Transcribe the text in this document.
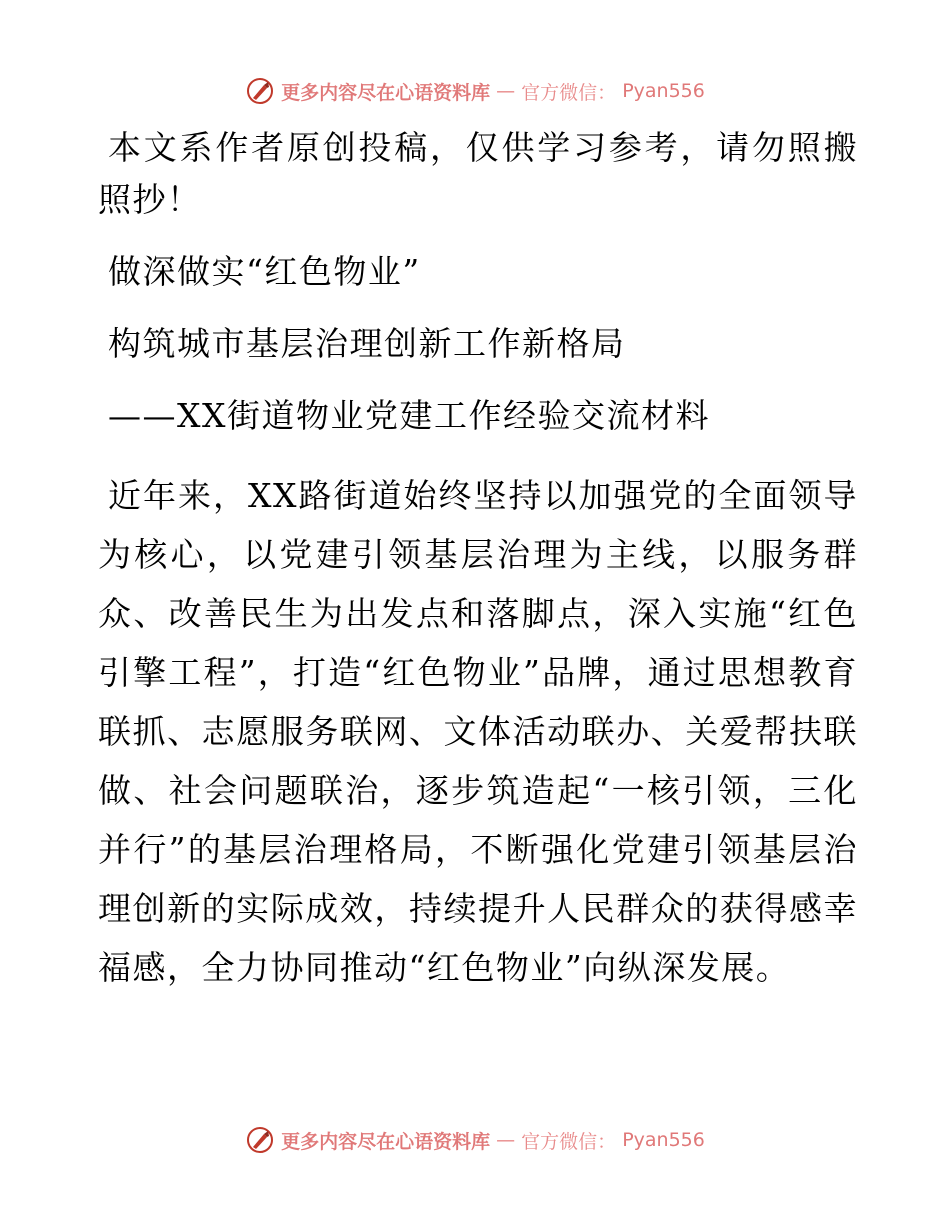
更多内容尽在心语资料库 — 官方微信： Pyan556

本文系作者原创投稿，仅供学习参考，请勿照搬照抄！

做深做实“红色物业”

构筑城市基层治理创新工作新格局

——XX街道物业党建工作经验交流材料

近年来，XX路街道始终坚持以加强党的全面领导为核心，以党建引领基层治理为主线，以服务群众、改善民生为出发点和落脚点，深入实施“红色引擎工程”，打造“红色物业”品牌，通过思想教育联抓、志愿服务联网、文体活动联办、关爱帮扶联做、社会问题联治，逐步筑造起“一核引领，三化并行”的基层治理格局，不断强化党建引领基层治理创新的实际成效，持续提升人民群众的获得感幸福感，全力协同推动“红色物业”向纵深发展。

更多内容尽在心语资料库 — 官方微信： Pyan556
